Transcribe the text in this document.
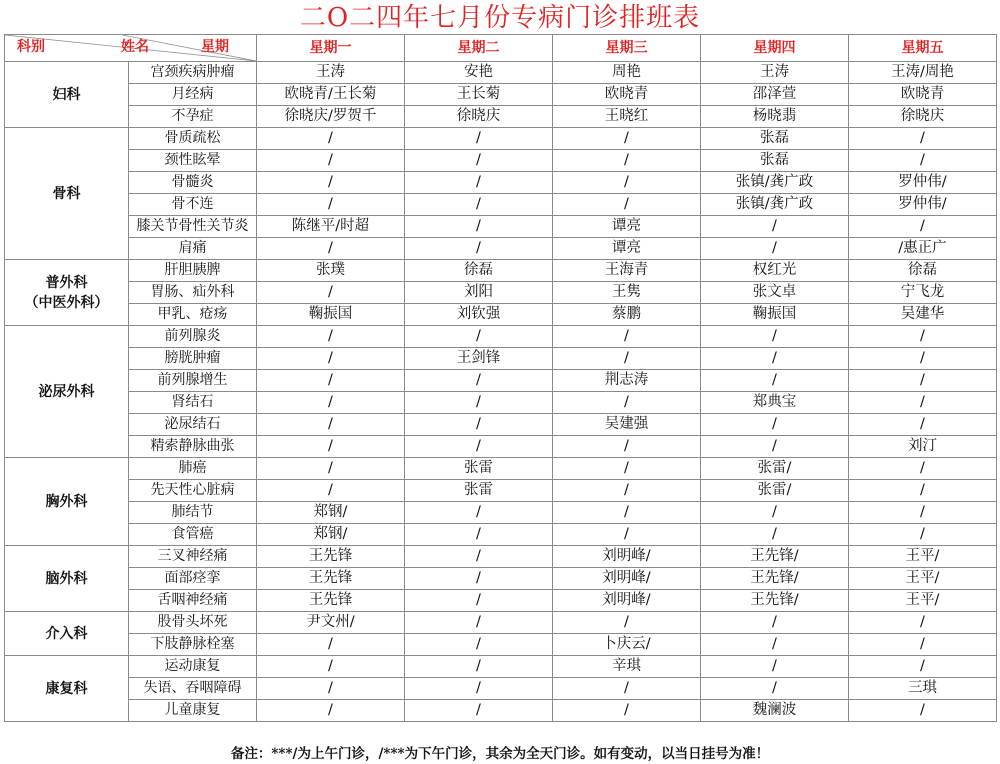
二O二四年七月份专病门诊排班表
科别 姓名 星期		星期一	星期二	星期三	星期四	星期五
妇科	宫颈疾病肿瘤	王涛	安艳	周艳	王涛	王涛/周艳
	月经病	欧晓青/王长菊	王长菊	欧晓青	邵泽萱	欧晓青
	不孕症	徐晓庆/罗贺千	徐晓庆	王晓红	杨晓翡	徐晓庆
骨科	骨质疏松	/	/	/	张磊	/
	颈性眩晕	/	/	/	张磊	/
	骨髓炎	/	/	/	张镇/龚广政	罗仲伟/
	骨不连	/	/	/	张镇/龚广政	罗仲伟/
	膝关节骨性关节炎	陈继平/时超	/	谭亮	/	/
	肩痛	/	/	谭亮	/	/惠正广
普外科
（中医外科）	肝胆胰脾	张璞	徐磊	王海青	权红光	徐磊
	胃肠、疝外科	/	刘阳	王隽	张文卓	宁飞龙
	甲乳、疮疡	鞠振国	刘钦强	蔡鹏	鞠振国	吴建华
泌尿外科	前列腺炎	/	/	/	/	/
	膀胱肿瘤	/	王剑锋	/	/	/
	前列腺增生	/	/	荆志涛	/	/
	肾结石	/	/	/	郑典宝	/
	泌尿结石	/	/	吴建强	/	/
	精索静脉曲张	/	/	/	/	刘汀
胸外科	肺癌	/	张雷	/	张雷/	/
	先天性心脏病	/	张雷	/	张雷/	/
	肺结节	郑钢/	/	/	/	/
	食管癌	郑钢/	/	/	/	/
脑外科	三叉神经痛	王先锋	/	刘明峰/	王先锋/	王平/
	面部痉挛	王先锋	/	刘明峰/	王先锋/	王平/
	舌咽神经痛	王先锋	/	刘明峰/	王先锋/	王平/
介入科	股骨头坏死	尹文州/	/	/	/	/
	下肢静脉栓塞	/	/	卜庆云/	/	/
康复科	运动康复	/	/	辛琪	/	/
	失语、吞咽障碍	/	/	/	/	三琪
	儿童康复	/	/	/	魏澜波	/
备注：***/为上午门诊，/***为下午门诊，其余为全天门诊。如有变动，以当日挂号为准！
